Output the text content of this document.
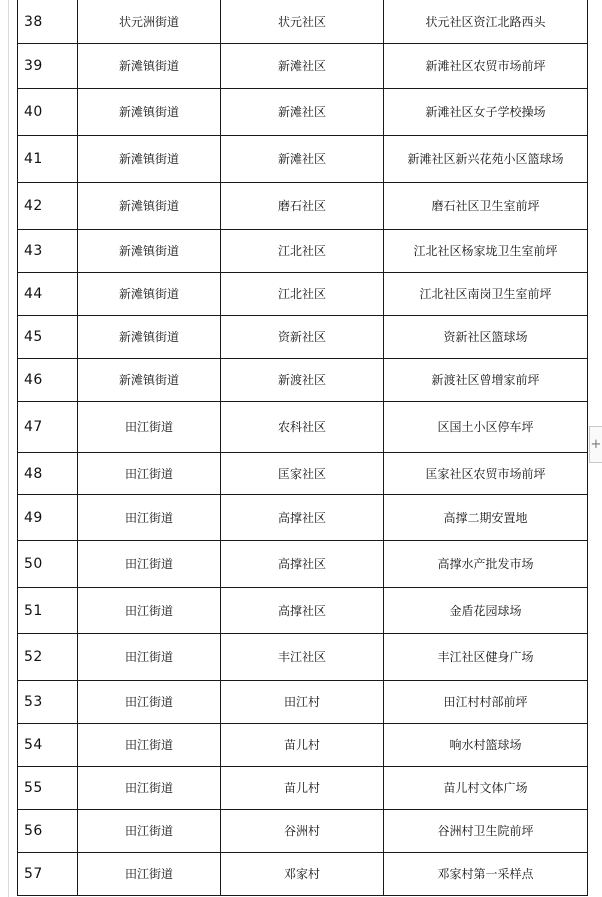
38	状元洲街道	状元社区	状元社区资江北路西头
39	新滩镇街道	新滩社区	新滩社区农贸市场前坪
40	新滩镇街道	新滩社区	新滩社区女子学校操场
41	新滩镇街道	新滩社区	新滩社区新兴花苑小区篮球场
42	新滩镇街道	磨石社区	磨石社区卫生室前坪
43	新滩镇街道	江北社区	江北社区杨家垅卫生室前坪
44	新滩镇街道	江北社区	江北社区南岗卫生室前坪
45	新滩镇街道	资新社区	资新社区篮球场
46	新滩镇街道	新渡社区	新渡社区曾增家前坪
47	田江街道	农科社区	区国土小区停车坪
48	田江街道	匡家社区	匡家社区农贸市场前坪
49	田江街道	高撑社区	高撑二期安置地
50	田江街道	高撑社区	高撑水产批发市场
51	田江街道	高撑社区	金盾花园球场
52	田江街道	丰江社区	丰江社区健身广场
53	田江街道	田江村	田江村村部前坪
54	田江街道	苗儿村	响水村篮球场
55	田江街道	苗儿村	苗儿村文体广场
56	田江街道	谷洲村	谷洲村卫生院前坪
57	田江街道	邓家村	邓家村第一采样点
+
